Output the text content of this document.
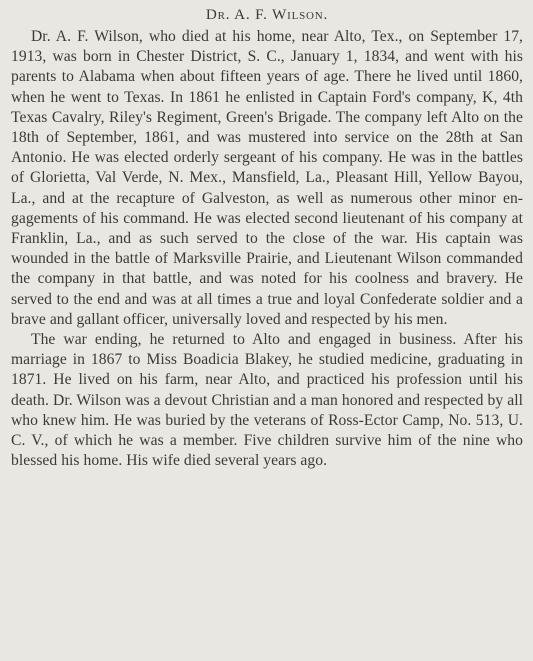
Dr. A. F. Wilson.

Dr. A. F. Wilson, who died at his home, near Alto, Tex., on September 17, 1913, was born in Chester District, S. C., January 1, 1834, and went with his parents to Alabama when about fifteen years of age. There he lived until 1860, when he went to Texas. In 1861 he enlisted in Captain Ford's company, K, 4th Texas Cavalry, Riley's Regiment, Green's Brigade. The company left Alto on the 18th of September, 1861, and was mustered into service on the 28th at San Antonio. He was elected orderly sergeant of his company. He was in the battles of Glorietta, Val Verde, N. Mex., Mansfield, La., Pleasant Hill, Yellow Bayou, La., and at the recapture of Galveston, as well as numerous other minor engagements of his command. He was elected second lieutenant of his company at Franklin, La., and as such served to the close of the war. His captain was wounded in the battle of Marksville Prairie, and Lieutenant Wilson commanded the company in that battle, and was noted for his coolness and bravery. He served to the end and was at all times a true and loyal Confederate soldier and a brave and gallant officer, universally loved and respected by his men.

The war ending, he returned to Alto and engaged in business. After his marriage in 1867 to Miss Boadicia Blakey, he studied medicine, graduating in 1871. He lived on his farm, near Alto, and practiced his profession until his death. Dr. Wilson was a devout Christian and a man honored and respected by all who knew him. He was buried by the veterans of Ross-Ector Camp, No. 513, U. C. V., of which he was a member. Five children survive him of the nine who blessed his home. His wife died several years ago.
